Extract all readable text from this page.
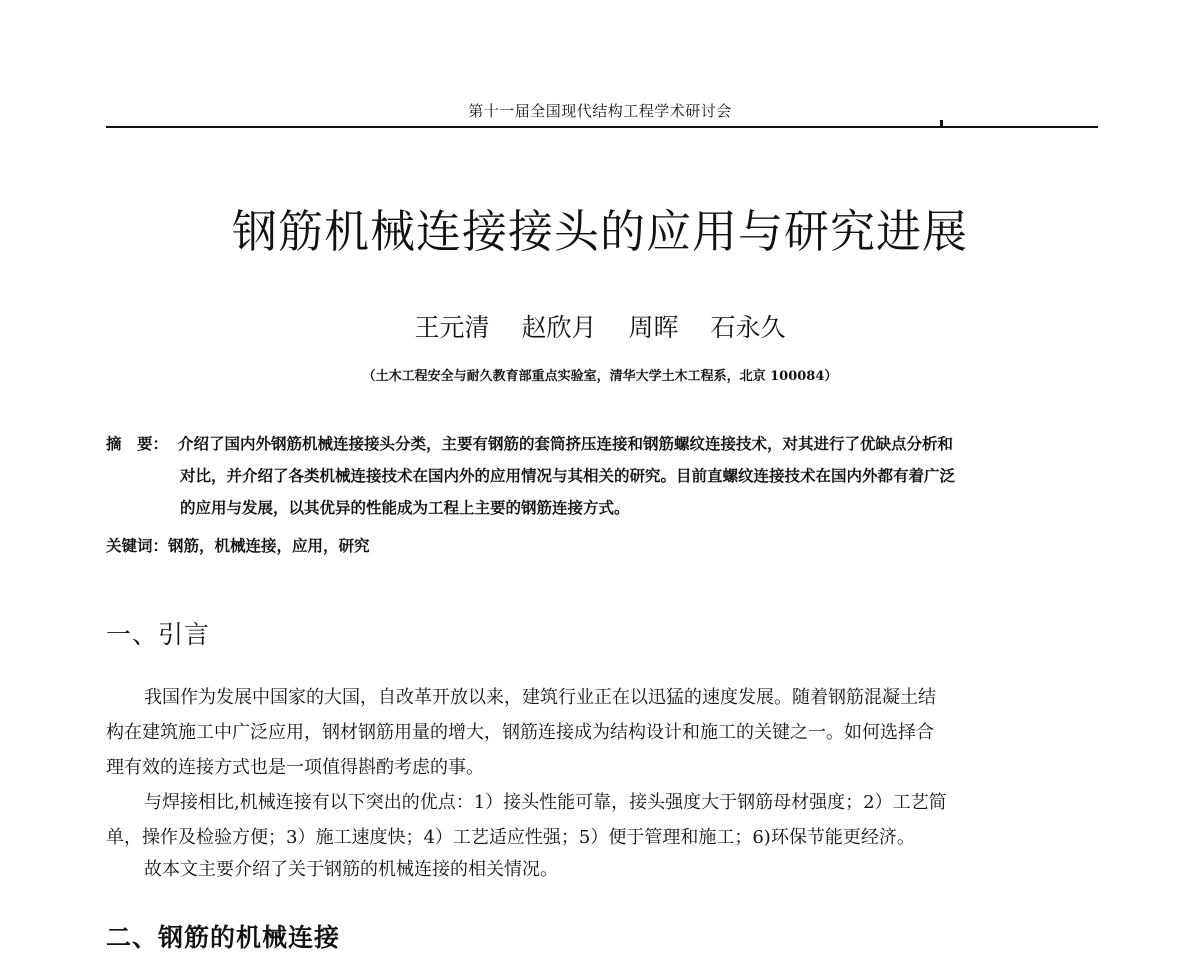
第十一届全国现代结构工程学术研讨会
钢筋机械连接接头的应用与研究进展
王元清 赵欣月 周晖 石永久
（土木工程安全与耐久教育部重点实验室，清华大学土木工程系，北京 100084）
摘　要： 介绍了国内外钢筋机械连接接头分类，主要有钢筋的套筒挤压连接和钢筋螺纹连接技术，对其进行了优缺点分析和
对比，并介绍了各类机械连接技术在国内外的应用情况与其相关的研究。目前直螺纹连接技术在国内外都有着广泛
的应用与发展，以其优异的性能成为工程上主要的钢筋连接方式。
关键词：钢筋，机械连接，应用，研究
一、引言
我国作为发展中国家的大国，自改革开放以来，建筑行业正在以迅猛的速度发展。随着钢筋混凝土结
构在建筑施工中广泛应用，钢材钢筋用量的增大，钢筋连接成为结构设计和施工的关键之一。如何选择合
理有效的连接方式也是一项值得斟酌考虑的事。
与焊接相比,机械连接有以下突出的优点：1）接头性能可靠，接头强度大于钢筋母材强度；2）工艺简
单，操作及检验方便；3）施工速度快；4）工艺适应性强；5）便于管理和施工；6)环保节能更经济。
故本文主要介绍了关于钢筋的机械连接的相关情况。
二、钢筋的机械连接
